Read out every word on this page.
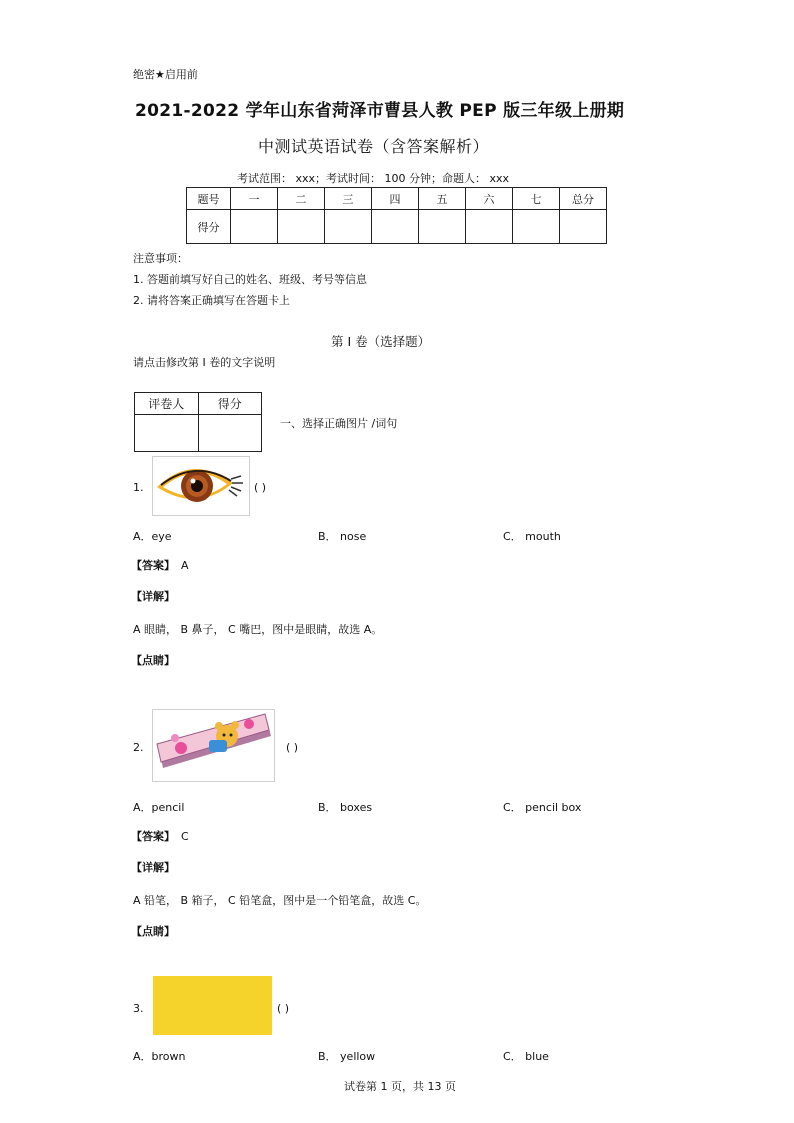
绝密★启用前
2021-2022 学年山东省菏泽市曹县人教 PEP 版三年级上册期
中测试英语试卷（含答案解析）
考试范围： xxx；考试时间： 100 分钟；命题人： xxx
题号	一	二	三	四	五	六	七	总分
得分								
注意事项：
1. 答题前填写好自己的姓名、班级、考号等信息
2. 请将答案正确填写在答题卡上
第 I 卷（选择题）
请点击修改第 I 卷的文字说明
评卷人	得分

一、选择正确图片 /词句
1.	( )
A．eye	B． nose	C． mouth
【答案】 A
【详解】
A 眼睛， B 鼻子， C 嘴巴，图中是眼睛，故选 A。
【点睛】
2.	( )
A．pencil	B． boxes	C． pencil box
【答案】 C
【详解】
A 铅笔， B 箱子， C 铅笔盒，图中是一个铅笔盒，故选 C。
【点睛】
3.	( )
A．brown	B． yellow	C． blue
试卷第 1 页，共 13 页
